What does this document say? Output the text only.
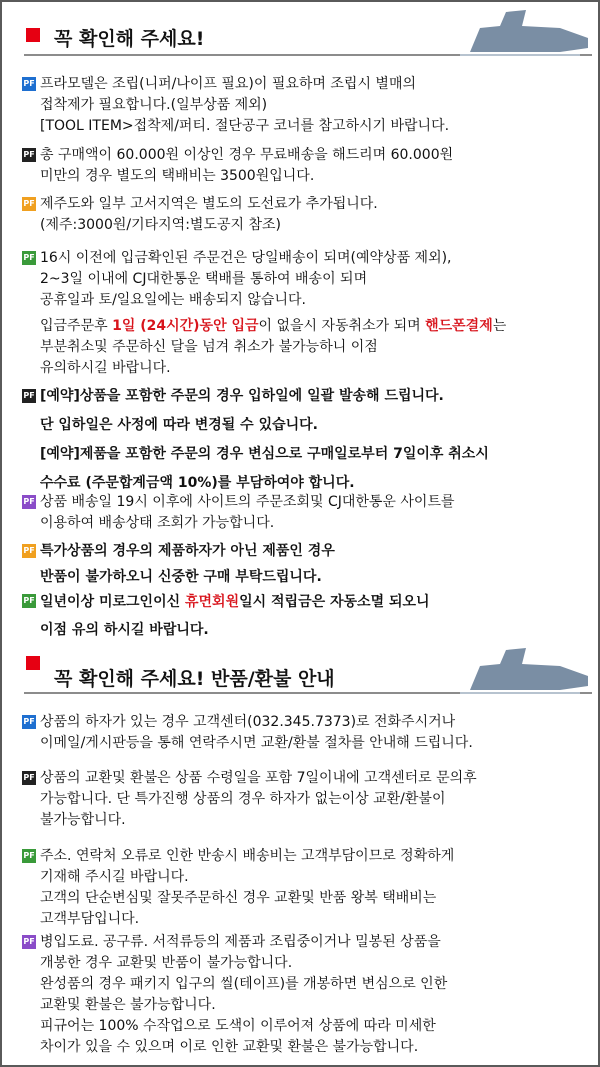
꼭 확인해 주세요!
PF 프라모델은 조립(니퍼/나이프 필요)이 필요하며 조립시 별매의
접착제가 필요합니다.(일부상품 제외)
[TOOL ITEM>접착제/퍼티. 절단공구 코너를 참고하시기 바랍니다.
PF 총 구매액이 60.000원 이상인 경우 무료배송을 해드리며 60.000원
미만의 경우 별도의 택배비는 3500원입니다.
PF 제주도와 일부 고서지역은 별도의 도선료가 추가됩니다.
(제주:3000원/기타지역:별도공지 참조)
PF 16시 이전에 입금확인된 주문건은 당일배송이 되며(예약상품 제외),
2~3일 이내에 CJ대한통운 택배를 통하여 배송이 되며
공휴일과 토/일요일에는 배송되지 않습니다.
입금주문후 1일 (24시간)동안 입금이 없을시 자동취소가 되며 핸드폰결제는
부분취소및 주문하신 달을 넘겨 취소가 불가능하니 이점
유의하시길 바랍니다.
PF [예약]상품을 포함한 주문의 경우 입하일에 일괄 발송해 드립니다.
단 입하일은 사정에 따라 변경될 수 있습니다.
[예약]제품을 포함한 주문의 경우 변심으로 구매일로부터 7일이후 취소시
수수료 (주문합계금액 10%)를 부담하여야 합니다.
PF 상품 배송일 19시 이후에 사이트의 주문조회및 CJ대한통운 사이트를
이용하여 배송상태 조회가 가능합니다.
PF 특가상품의 경우의 제품하자가 아닌 제품인 경우
반품이 불가하오니 신중한 구매 부탁드립니다.
PF 일년이상 미로그인이신 휴면회원일시 적립금은 자동소멸 되오니
이점 유의 하시길 바랍니다.
꼭 확인해 주세요! 반품/환불 안내
PF 상품의 하자가 있는 경우 고객센터(032.345.7373)로 전화주시거나
이메일/게시판등을 통해 연락주시면 교환/환불 절차를 안내해 드립니다.
PF 상품의 교환및 환불은 상품 수령일을 포함 7일이내에 고객센터로 문의후
가능합니다. 단 특가진행 상품의 경우 하자가 없는이상 교환/환불이
불가능합니다.
PF 주소. 연락처 오류로 인한 반송시 배송비는 고객부담이므로 정확하게
기재해 주시길 바랍니다.
고객의 단순변심및 잘못주문하신 경우 교환및 반품 왕복 택배비는
고객부담입니다.
PF 병입도료. 공구류. 서적류등의 제품과 조립중이거나 밀봉된 상품을
개봉한 경우 교환및 반품이 불가능합니다.
완성품의 경우 패키지 입구의 씰(테이프)를 개봉하면 변심으로 인한
교환및 환불은 불가능합니다.
피규어는 100% 수작업으로 도색이 이루어져 상품에 따라 미세한
차이가 있을 수 있으며 이로 인한 교환및 환불은 불가능합니다.
